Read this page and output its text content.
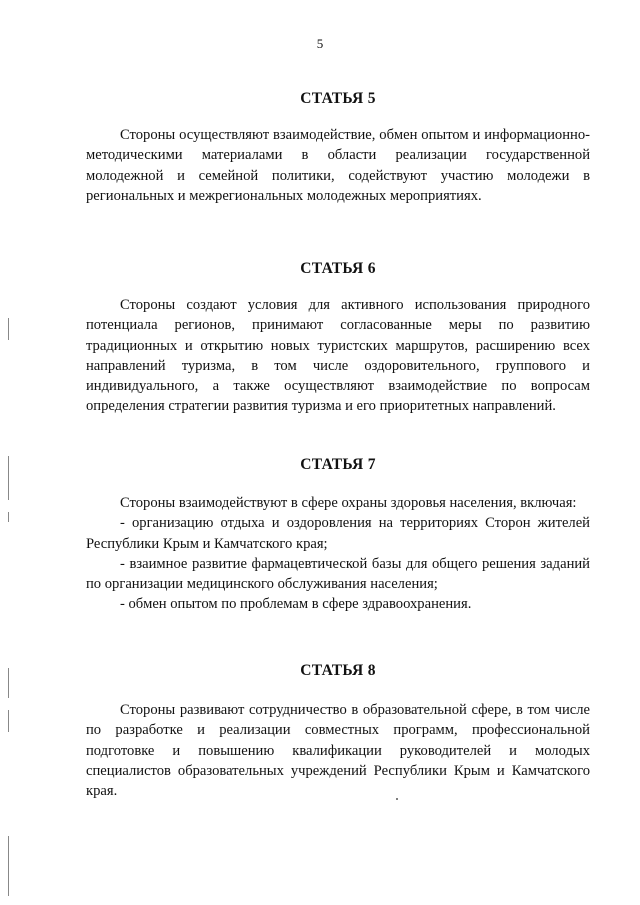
5
СТАТЬЯ 5

Стороны осуществляют взаимодействие, обмен опытом и информационно-методическими материалами в области реализации государственной молодежной и семейной политики, содействуют участию молодежи в региональных и межрегиональных молодежных мероприятиях.

СТАТЬЯ 6

Стороны создают условия для активного использования природного потенциала регионов, принимают согласованные меры по развитию традиционных и открытию новых туристских маршрутов, расширению всех направлений туризма, в том числе оздоровительного, группового и индивидуального, а также осуществляют взаимодействие по вопросам определения стратегии развития туризма и его приоритетных направлений.

СТАТЬЯ 7

Стороны взаимодействуют в сфере охраны здоровья населения, включая:

- организацию отдыха и оздоровления на территориях Сторон жителей Республики Крым и Камчатского края;

- взаимное развитие фармацевтической базы для общего решения заданий по организации медицинского обслуживания населения;

- обмен опытом по проблемам в сфере здравоохранения.

СТАТЬЯ 8

Стороны развивают сотрудничество в образовательной сфере, в том числе по разработке и реализации совместных программ, профессиональной подготовке и повышению квалификации руководителей и молодых специалистов образовательных учреждений Республики Крым и Камчатского края.
